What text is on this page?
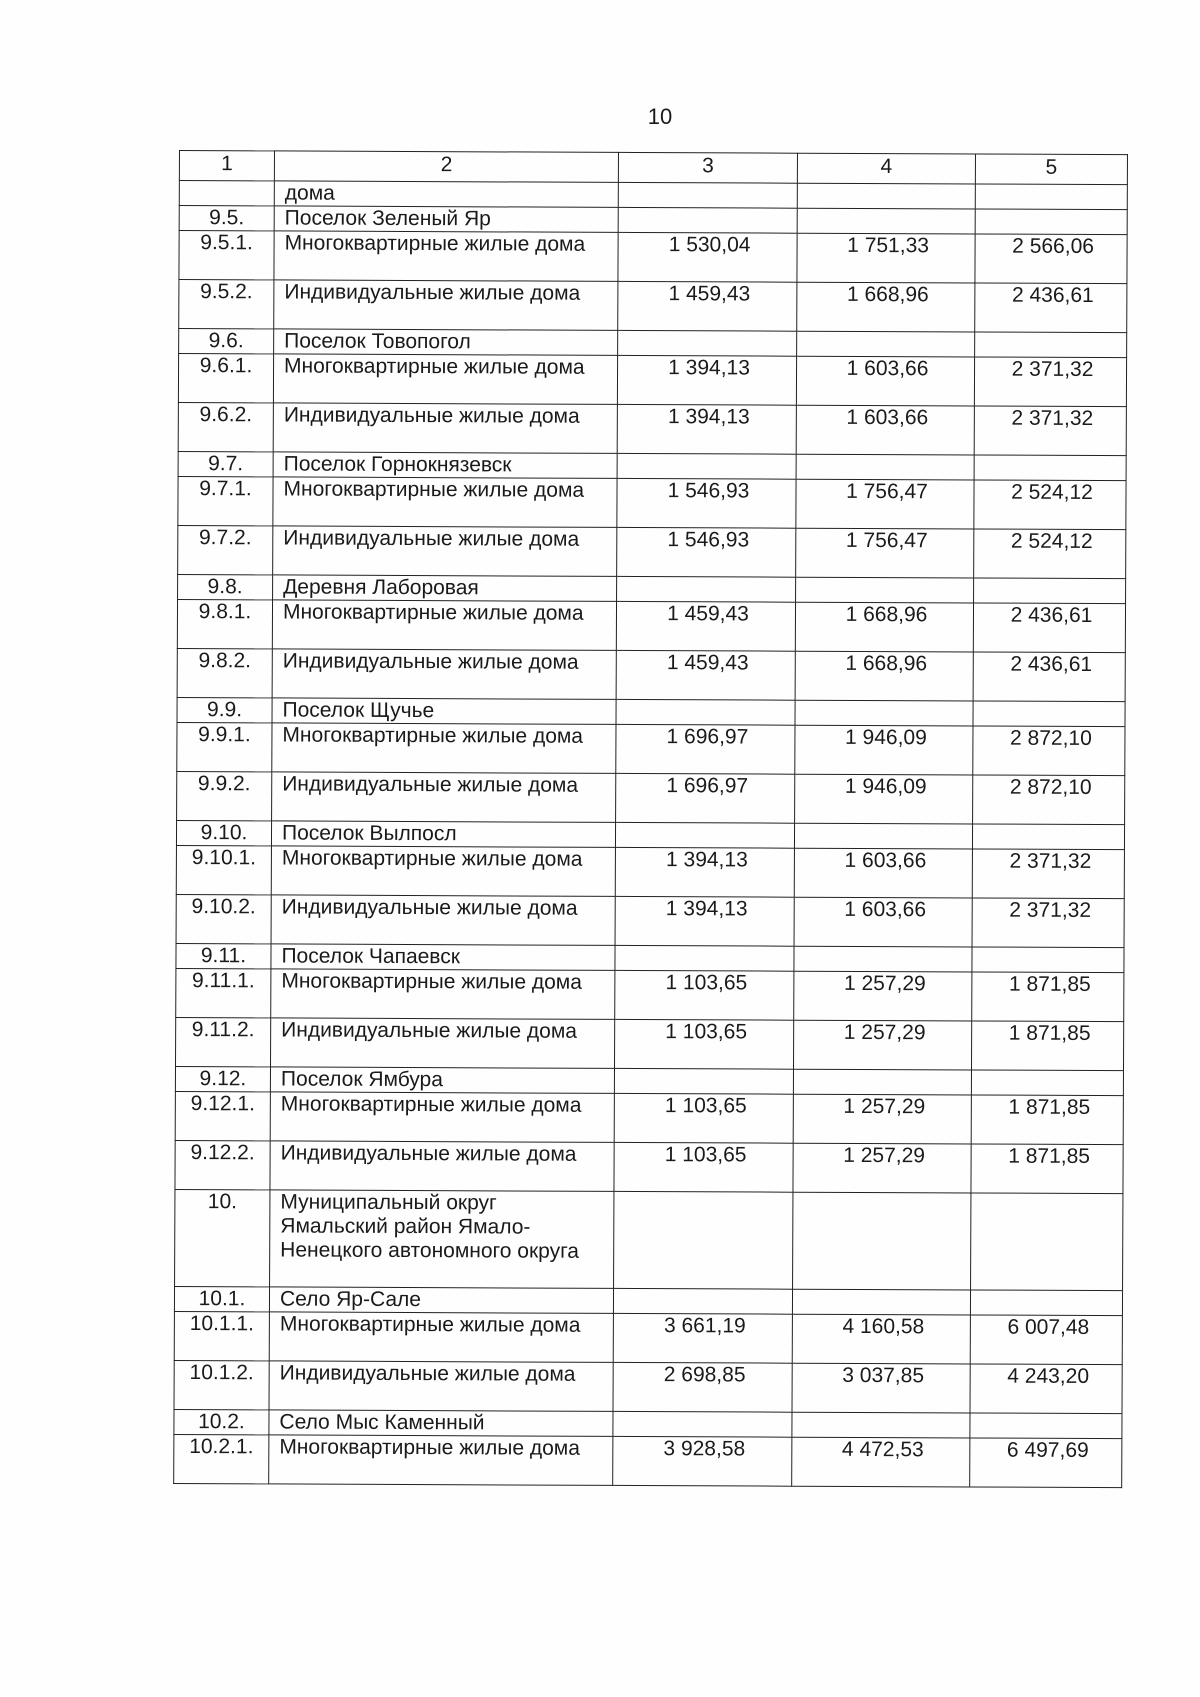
10
1	2	3	4	5
	дома			
9.5.	Поселок Зеленый Яр			
9.5.1.	Многоквартирные жилые дома	1 530,04	1 751,33	2 566,06
9.5.2.	Индивидуальные жилые дома	1 459,43	1 668,96	2 436,61
9.6.	Поселок Товопогол			
9.6.1.	Многоквартирные жилые дома	1 394,13	1 603,66	2 371,32
9.6.2.	Индивидуальные жилые дома	1 394,13	1 603,66	2 371,32
9.7.	Поселок Горнокнязевск			
9.7.1.	Многоквартирные жилые дома	1 546,93	1 756,47	2 524,12
9.7.2.	Индивидуальные жилые дома	1 546,93	1 756,47	2 524,12
9.8.	Деревня Лаборовая			
9.8.1.	Многоквартирные жилые дома	1 459,43	1 668,96	2 436,61
9.8.2.	Индивидуальные жилые дома	1 459,43	1 668,96	2 436,61
9.9.	Поселок Щучье			
9.9.1.	Многоквартирные жилые дома	1 696,97	1 946,09	2 872,10
9.9.2.	Индивидуальные жилые дома	1 696,97	1 946,09	2 872,10
9.10.	Поселок Вылпосл			
9.10.1.	Многоквартирные жилые дома	1 394,13	1 603,66	2 371,32
9.10.2.	Индивидуальные жилые дома	1 394,13	1 603,66	2 371,32
9.11.	Поселок Чапаевск			
9.11.1.	Многоквартирные жилые дома	1 103,65	1 257,29	1 871,85
9.11.2.	Индивидуальные жилые дома	1 103,65	1 257,29	1 871,85
9.12.	Поселок Ямбура			
9.12.1.	Многоквартирные жилые дома	1 103,65	1 257,29	1 871,85
9.12.2.	Индивидуальные жилые дома	1 103,65	1 257,29	1 871,85
10.	Муниципальный округ Ямальский район Ямало-Ненецкого автономного округа			
10.1.	Село Яр-Сале			
10.1.1.	Многоквартирные жилые дома	3 661,19	4 160,58	6 007,48
10.1.2.	Индивидуальные жилые дома	2 698,85	3 037,85	4 243,20
10.2.	Село Мыс Каменный			
10.2.1.	Многоквартирные жилые дома	3 928,58	4 472,53	6 497,69
